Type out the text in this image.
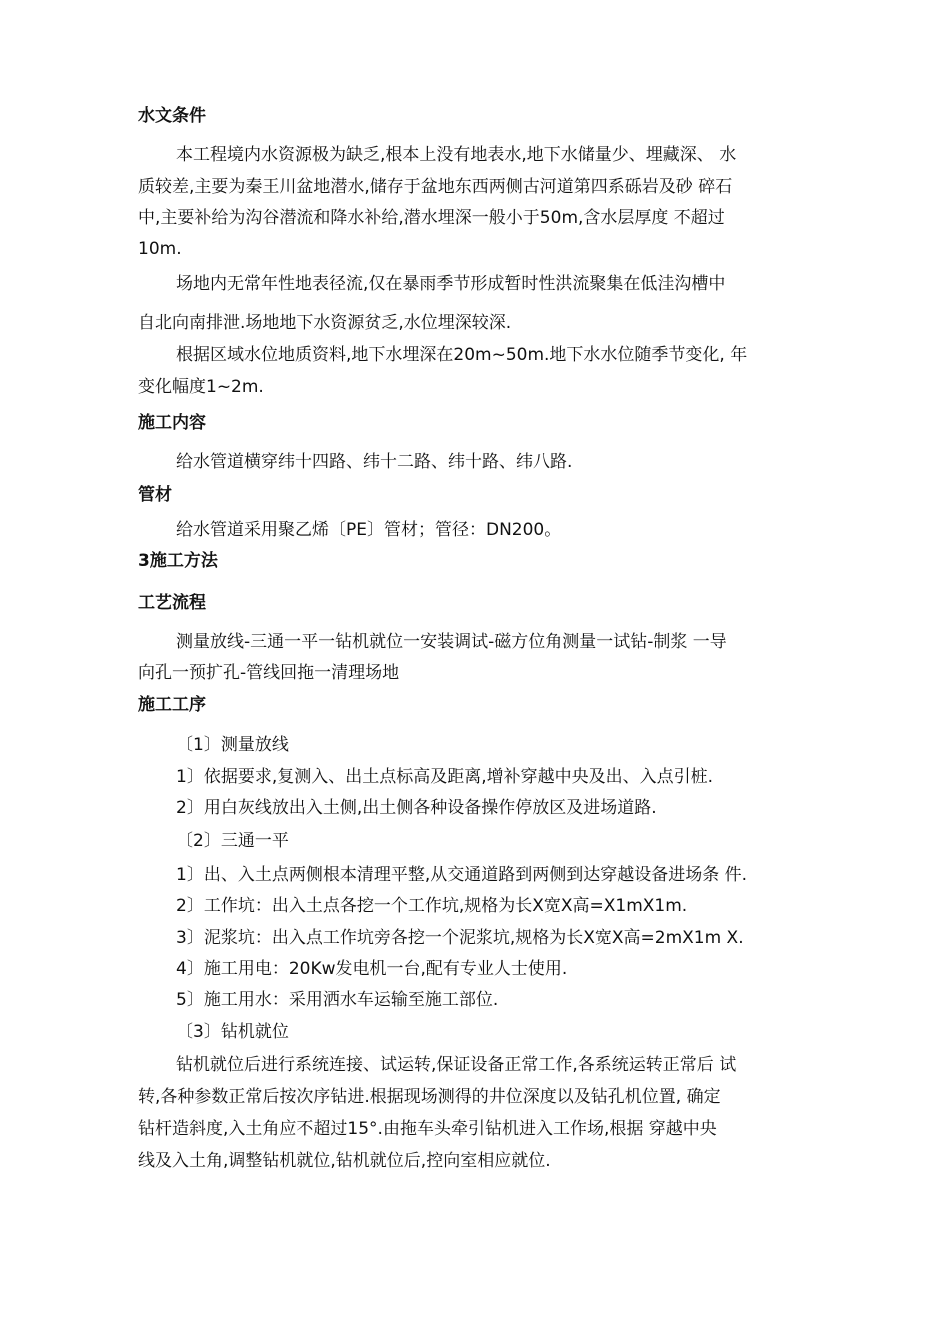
水文条件
本工程境内水资源极为缺乏,根本上没有地表水,地下水储量少、埋藏深、 水
质较差,主要为秦王川盆地潜水,储存于盆地东西两侧古河道第四系砾岩及砂 碎石
中,主要补给为沟谷潜流和降水补给,潜水埋深一般小于50m,含水层厚度 不超过
10m.
场地内无常年性地表径流,仅在暴雨季节形成暂时性洪流聚集在低洼沟槽中
自北向南排泄.场地地下水资源贫乏,水位埋深较深.
根据区域水位地质资料,地下水埋深在20m~50m.地下水水位随季节变化, 年
变化幅度1~2m.
施工内容
给水管道横穿纬十四路、纬十二路、纬十路、纬八路.
管材
给水管道采用聚乙烯〔PE〕管材；管径：DN200。
3施工方法
工艺流程
测量放线-三通一平一钻机就位一安装调试-磁方位角测量一试钻-制浆 一导
向孔一预扩孔-管线回拖一清理场地
施工工序
〔1〕测量放线
1〕依据要求,复测入、出土点标高及距离,增补穿越中央及出、入点引桩.
2〕用白灰线放出入土侧,出土侧各种设备操作停放区及进场道路.
〔2〕三通一平
1〕出、入土点两侧根本清理平整,从交通道路到两侧到达穿越设备进场条 件.
2〕工作坑：出入土点各挖一个工作坑,规格为长X宽X高=X1mX1m.
3〕泥浆坑：出入点工作坑旁各挖一个泥浆坑,规格为长X宽X高=2mX1m X.
4〕施工用电：20Kw发电机一台,配有专业人士使用.
5〕施工用水：采用洒水车运输至施工部位.
〔3〕钻机就位
钻机就位后进行系统连接、试运转,保证设备正常工作,各系统运转正常后 试
转,各种参数正常后按次序钻进.根据现场测得的井位深度以及钻孔机位置, 确定
钻杆造斜度,入土角应不超过15°.由拖车头牵引钻机进入工作场,根据 穿越中央
线及入土角,调整钻机就位,钻机就位后,控向室相应就位.
